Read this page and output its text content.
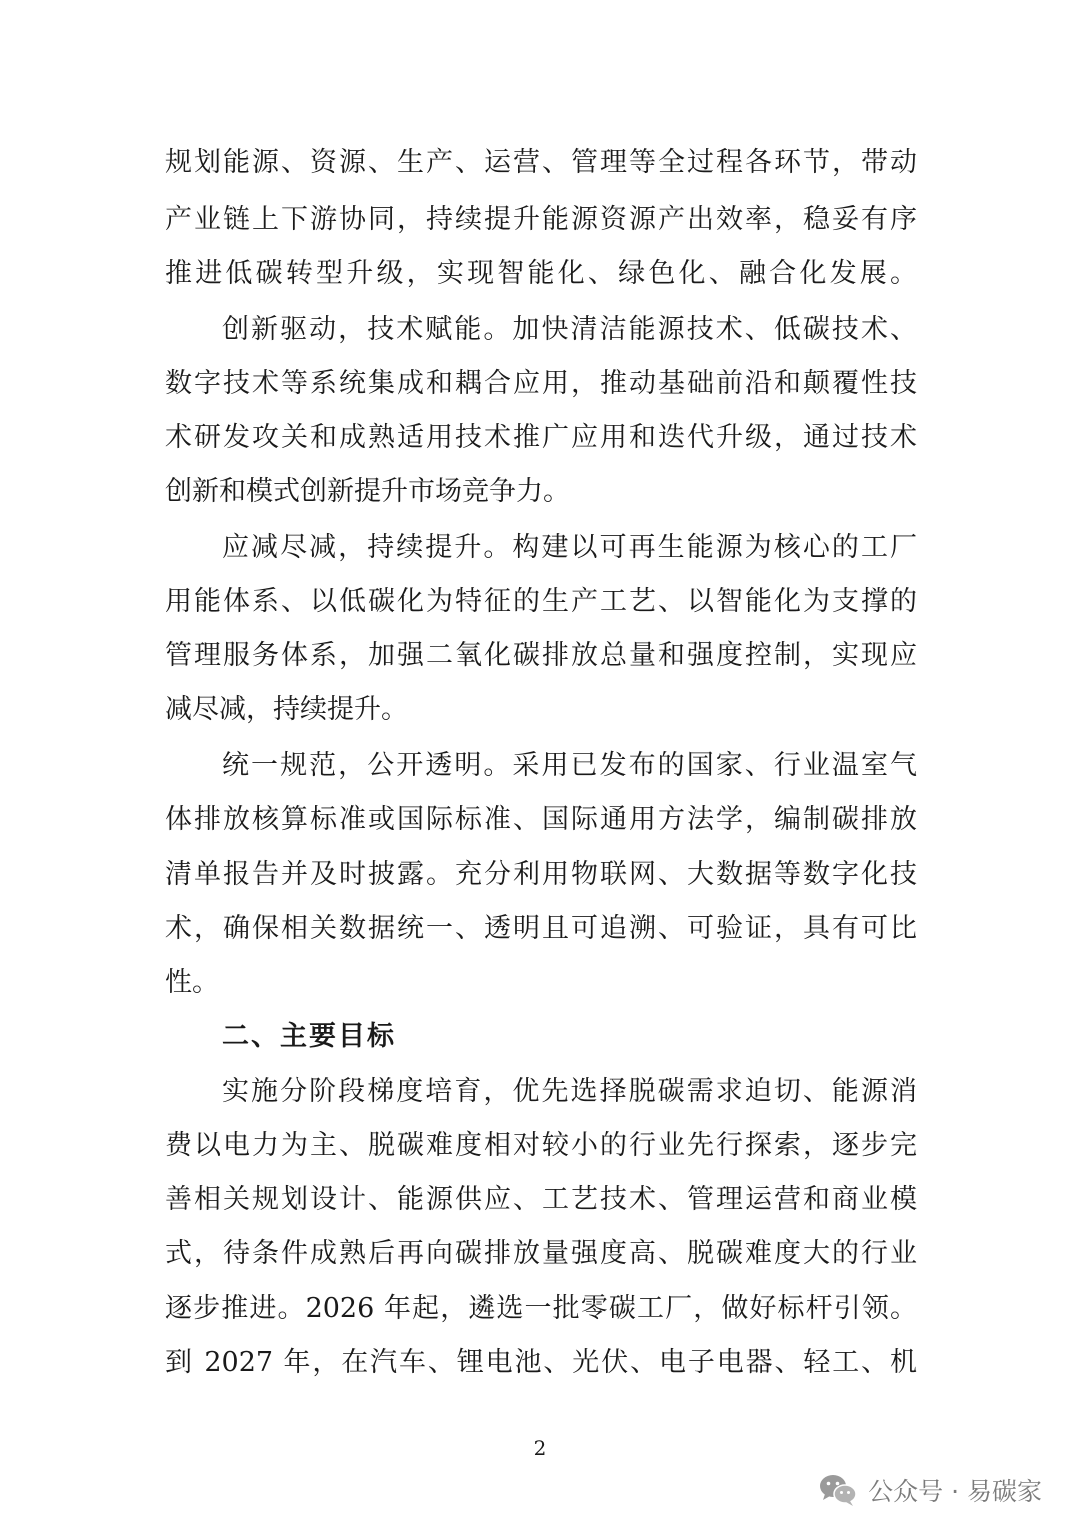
规划能源、资源、生产、运营、管理等全过程各环节，带动
产业链上下游协同，持续提升能源资源产出效率，稳妥有序
推进低碳转型升级，实现智能化、绿色化、融合化发展。
创新驱动，技术赋能。加快清洁能源技术、低碳技术、
数字技术等系统集成和耦合应用，推动基础前沿和颠覆性技
术研发攻关和成熟适用技术推广应用和迭代升级，通过技术
创新和模式创新提升市场竞争力。
应减尽减，持续提升。构建以可再生能源为核心的工厂
用能体系、以低碳化为特征的生产工艺、以智能化为支撑的
管理服务体系，加强二氧化碳排放总量和强度控制，实现应
减尽减，持续提升。
统一规范，公开透明。采用已发布的国家、行业温室气
体排放核算标准或国际标准、国际通用方法学，编制碳排放
清单报告并及时披露。充分利用物联网、大数据等数字化技
术，确保相关数据统一、透明且可追溯、可验证，具有可比
性。
二、主要目标
实施分阶段梯度培育，优先选择脱碳需求迫切、能源消
费以电力为主、脱碳难度相对较小的行业先行探索，逐步完
善相关规划设计、能源供应、工艺技术、管理运营和商业模
式，待条件成熟后再向碳排放量强度高、脱碳难度大的行业
逐步推进。2026 年起，遴选一批零碳工厂，做好标杆引领。
到 2027 年，在汽车、锂电池、光伏、电子电器、轻工、机
2
公众号 · 易碳家
